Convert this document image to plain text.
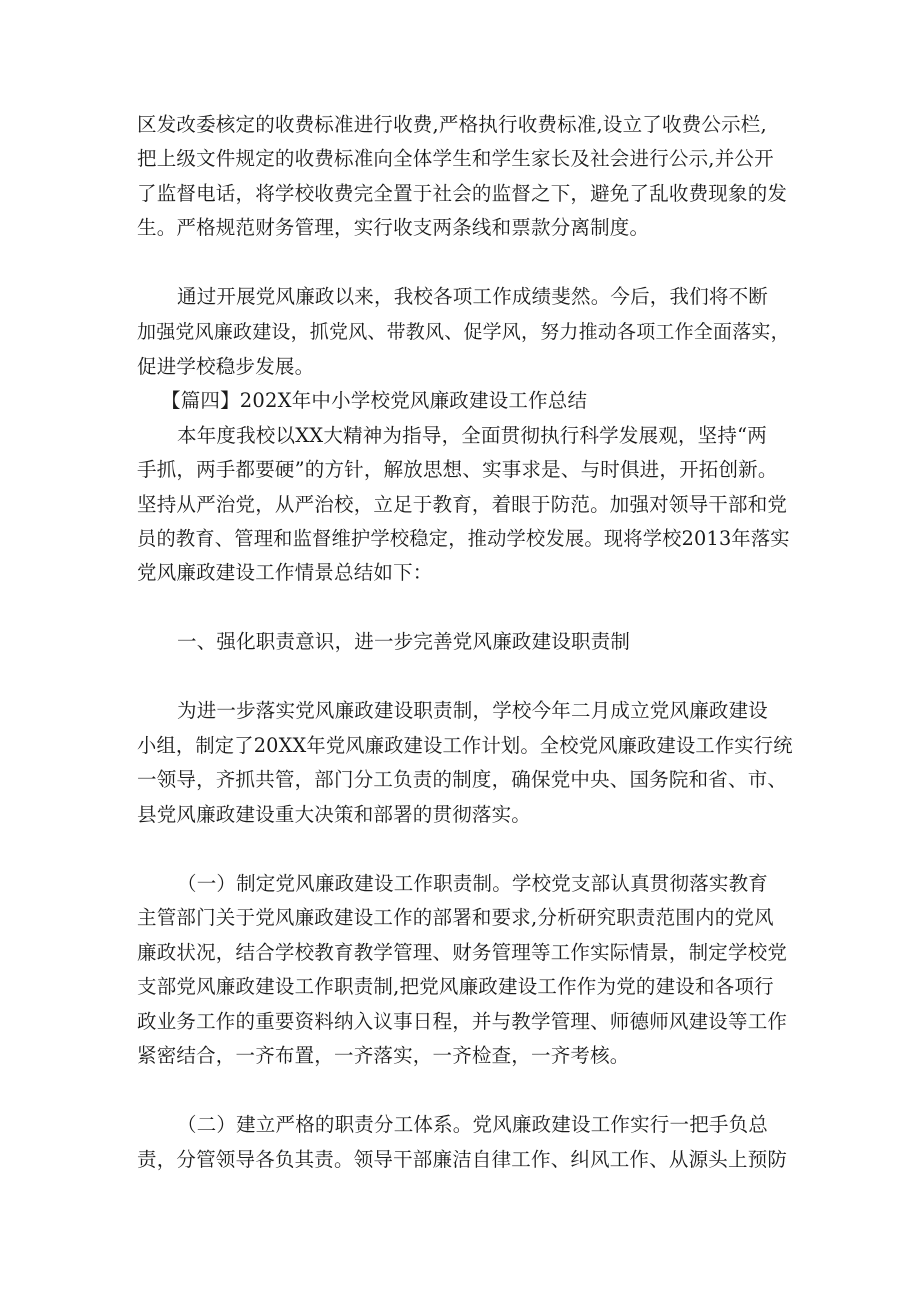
区发改委核定的收费标准进行收费,严格执行收费标准,设立了收费公示栏,
把上级文件规定的收费标准向全体学生和学生家长及社会进行公示,并公开
了监督电话，将学校收费完全置于社会的监督之下，避免了乱收费现象的发
生。严格规范财务管理，实行收支两条线和票款分离制度。
通过开展党风廉政以来，我校各项工作成绩斐然。今后，我们将不断
加强党风廉政建设，抓党风、带教风、促学风，努力推动各项工作全面落实，
促进学校稳步发展。
【篇四】202X年中小学校党风廉政建设工作总结
本年度我校以XX大精神为指导，全面贯彻执行科学发展观，坚持“两
手抓，两手都要硬”的方针，解放思想、实事求是、与时俱进，开拓创新。
坚持从严治党，从严治校，立足于教育，着眼于防范。加强对领导干部和党
员的教育、管理和监督维护学校稳定，推动学校发展。现将学校2013年落实
党风廉政建设工作情景总结如下：
一、强化职责意识，进一步完善党风廉政建设职责制
为进一步落实党风廉政建设职责制，学校今年二月成立党风廉政建设
小组，制定了20XX年党风廉政建设工作计划。全校党风廉政建设工作实行统
一领导，齐抓共管，部门分工负责的制度，确保党中央、国务院和省、市、
县党风廉政建设重大决策和部署的贯彻落实。
（一）制定党风廉政建设工作职责制。学校党支部认真贯彻落实教育
主管部门关于党风廉政建设工作的部署和要求,分析研究职责范围内的党风
廉政状况，结合学校教育教学管理、财务管理等工作实际情景，制定学校党
支部党风廉政建设工作职责制,把党风廉政建设工作作为党的建设和各项行
政业务工作的重要资料纳入议事日程，并与教学管理、师德师风建设等工作
紧密结合，一齐布置，一齐落实，一齐检查，一齐考核。
（二）建立严格的职责分工体系。党风廉政建设工作实行一把手负总
责，分管领导各负其责。领导干部廉洁自律工作、纠风工作、从源头上预防
